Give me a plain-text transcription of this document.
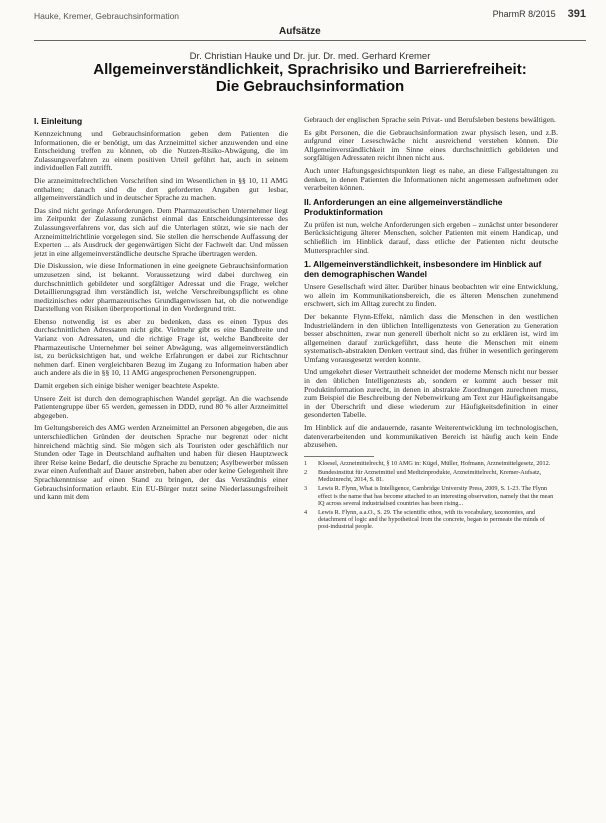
Hauke, Kremer, Gebrauchsinformation	PharmR 8/2015 391
Aufsätze
Dr. Christian Hauke und Dr. jur. Dr. med. Gerhard Kremer
Allgemeinverständlichkeit, Sprachrisiko und Barrierefreiheit:
Die Gebrauchsinformation
I. Einleitung

Kennzeichnung und Gebrauchsinformation geben dem Patienten die Informationen, die er benötigt, um das Arzneimittel sicher anzuwenden und eine Entscheidung treffen zu können, ob die Nutzen-Risiko-Abwägung, die im Zulassungsverfahren zu einem positiven Urteil geführt hat, auch in seinem individuellen Fall zutrifft.

Die arzneimittelrechtlichen Vorschriften sind im Wesentlichen in §§ 10, 11 AMG enthalten; danach sind die dort geforderten Angaben gut lesbar, allgemeinverständlich und in deutscher Sprache zu machen.

Das sind nicht geringe Anforderungen. Dem Pharmazeutischen Unternehmer liegt im Zeitpunkt der Zulassung zunächst einmal das Entscheidungsinteresse des Zulassungsverfahrens vor, das sich auf die Unterlagen stützt, wie sie nach der Arzneimittelrichtlinie vorgelegen sind. Sie stellen die herrschende Auffassung der Experten ... als Ausdruck der gegenwärtigen Sicht der Fachwelt dar. Und müssen jetzt in eine allgemeinverständliche deutsche Sprache übertragen werden.

Die Diskussion, wie diese Informationen in eine geeignete Gebrauchsinformation umzusetzen sind, ist bekannt. Voraussetzung wird dabei durchweg ein durchschnittlich gebildeter und sorgfältiger Adressat und die Frage, welcher Detaillierungsgrad ihm verständlich ist, welche Verschreibungspflicht es ohne medizinisches oder pharmazeutisches Grundlagenwissen hat, ob die notwendige Darstellung von Risiken überproportional in den Vordergrund tritt.

Ebenso notwendig ist es aber zu bedenken, dass es einen Typus des durchschnittlichen Adressaten nicht gibt. Vielmehr gibt es eine Bandbreite und Varianz von Adressaten, und die richtige Frage ist, welche Bandbreite der Pharmazeutische Unternehmer bei seiner Abwägung, was allgemeinverständlich ist, zu berücksichtigen hat, und welche Erfahrungen er dabei zur Richtschnur nehmen darf. Einen vergleichbaren Bezug im Zugang zu Information haben aber auch andere als die in §§ 10, 11 AMG angesprochenen Personengruppen.

Damit ergeben sich einige bisher weniger beachtete Aspekte.

Unsere Zeit ist durch den demographischen Wandel geprägt. An die wachsende Patientengruppe über 65 werden, gemessen in DDD, rund 80 % aller Arzneimittel abgegeben.

Im Geltungsbereich des AMG werden Arzneimittel an Personen abgegeben, die aus unterschiedlichen Gründen der deutschen Sprache nur begrenzt oder nicht hinreichend mächtig sind. Sie mögen sich als Touristen oder geschäftlich nur Stunden oder Tage in Deutschland aufhalten und haben für diesen Hauptzweck ihrer Reise keine Bedarf, die deutsche Sprache zu benutzen; Asylbewerber müssen zwar einen Aufenthalt auf Dauer anstreben, haben aber oder keine Gelegenheit ihre Sprachkenntnisse auf einen Stand zu bringen, der das Verständnis einer Gebrauchsinformation erlaubt. Ein EU-Bürger nutzt seine Niederlassungsfreiheit und kann mit dem

Gebrauch der englischen Sprache sein Privat- und Berufsleben bestens bewältigen.

Es gibt Personen, die die Gebrauchsinformation zwar physisch lesen, und z.B. aufgrund einer Leseschwäche nicht ausreichend verstehen können. Die Allgemeinverständlichkeit im Sinne eines durchschnittlich gebildeten und sorgfältigen Adressaten reicht ihnen nicht aus.

Auch unter Haftungsgesichtspunkten liegt es nahe, an diese Fallgestaltungen zu denken, in denen Patienten die Informationen nicht angemessen aufnehmen oder verarbeiten können.

II. Anforderungen an eine allgemeinverständliche Produktinformation

Zu prüfen ist nun, welche Anforderungen sich ergeben – zunächst unter besonderer Berücksichtigung älterer Menschen, solcher Patienten mit einem Handicap, und schließlich im Hinblick darauf, dass etliche der Patienten nicht deutsche Muttersprachler sind.

1. Allgemeinverständlichkeit, insbesondere im Hinblick auf den demographischen Wandel

Unsere Gesellschaft wird älter. Darüber hinaus beobachten wir eine Entwicklung, wo allein im Kommunikationsbereich, die es älteren Menschen zunehmend erschwert, sich im Alltag zurecht zu finden.

Der bekannte Flynn-Effekt, nämlich dass die Menschen in den westlichen Industrieländern in den üblichen Intelligenztests von Generation zu Generation besser abschnitten, zwar nun generell überholt nicht so zu erklären ist, wird im allgemeinen darauf zurückgeführt, dass heute die Menschen mit einem systematisch-abstrakten Denken vertraut sind, das früher in wesentlich geringerem Umfang vorausgesetzt werden konnte.

Und umgekehrt dieser Vertrautheit schneidet der moderne Mensch nicht nur besser in den üblichen Intelligenztests ab, sondern er kommt auch besser mit Produktinformation zurecht, in denen in abstrakte Zuordnungen zurechnen muss, zum Beispiel die Beschreibung der Nebenwirkung am Text zur Häufigkeitsangabe in der Überschrift und diese wiederum zur Häufigkeitsdefinition in einer gesonderten Tabelle.

Im Hinblick auf die andauernde, rasante Weiterentwicklung im technologischen, datenverarbeitenden und kommunikativen Bereich ist häufig auch kein Ende abzusehen.

1	Kloesel, Arzneimittelrecht, § 10 AMG in: Kügel, Müller, Hofmann, Arzneimittelgesetz, 2012.
2	Bundesinstitut für Arzneimittel und Medizinprodukte, Arzneimittelrecht, Kremer-Aufsatz, Medizinrecht, 2014, S. 81.
3	Lewis R. Flynn, What is Intelligence, Cambridge University Press, 2009, S. 1-23. The Flynn effect is the name that has become attached to an interesting observation, namely that the mean IQ across several industrialised countries has been rising...
4	Lewis R. Flynn, a.a.O., S. 29. The scientific ethos, with its vocabulary, taxonomies, and detachment of logic and the hypothetical from the concrete, began to permeate the minds of post-industrial people.
